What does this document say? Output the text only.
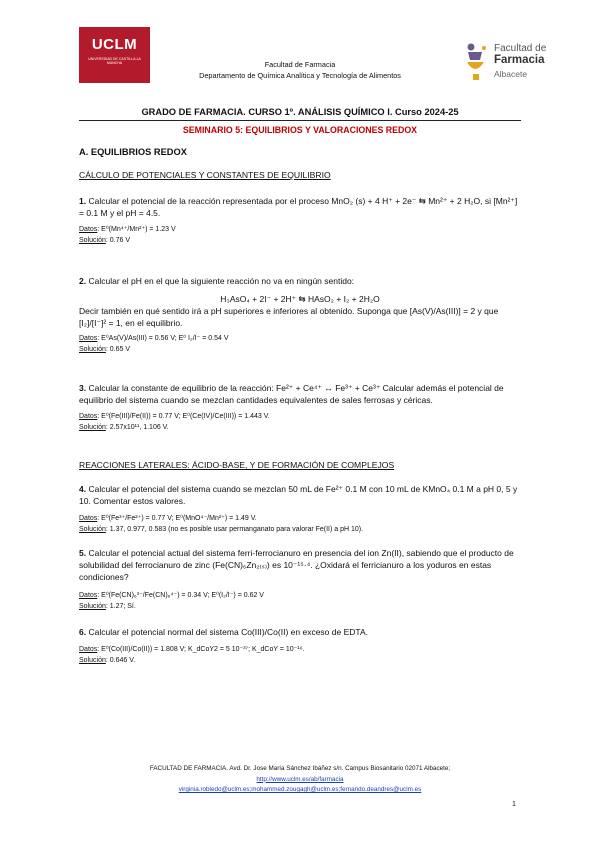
UCLM
UNIVERSIDAD DE CASTILLA-LA MANCHA	Facultad de Farmacia
Departamento de Química Analítica y Tecnología de Alimentos
Facultad de
Farmacia
Albacete
GRADO DE FARMACIA. CURSO 1º. ANÁLISIS QUÍMICO I. Curso 2024-25
SEMINARIO 5: EQUILIBRIOS Y VALORACIONES REDOX
A. EQUILIBRIOS REDOX
CÁLCULO DE POTENCIALES Y CONSTANTES DE EQUILIBRIO
1. Calcular el potencial de la reacción representada por el proceso MnO₂ (s) + 4 H⁺ + 2e⁻ ⇆ Mn²⁺ + 2 H₂O, si [Mn²⁺] = 0.1 M y el pH = 4.5.
Datos: E⁰(Mn⁴⁺/Mn²⁺) = 1.23 V
Solución: 0.76 V
2. Calcular el pH en el que la siguiente reacción no va en ningún sentido:
H₃AsO₄ + 2I⁻ + 2H⁺ ⇆ HAsO₂ + I₂ + 2H₂O
Decir también en qué sentido irá a pH superiores e inferiores al obtenido. Suponga que [As(V)/As(III)] = 2 y que [I₂]/[I⁻]² = 1, en el equilibrio.
Datos: E⁰As(V)/As(III) = 0.56 V; E⁰ I₂/I⁻ = 0.54 V
Solución: 0.65 V
3. Calcular la constante de equilibrio de la reacción: Fe²⁺ + Ce⁴⁺ ↔ Fe³⁺ + Ce³⁺ Calcular además el potencial de equilibrio del sistema cuando se mezclan cantidades equivalentes de sales ferrosas y céricas.
Datos: E⁰(Fe(III)/Fe(II)) = 0.77 V; E⁰(Ce(IV)/Ce(III)) = 1.443 V.
Solución: 2.57x10¹¹, 1.106 V.
REACCIONES LATERALES: ÁCIDO-BASE, Y DE FORMACIÓN DE COMPLEJOS
4. Calcular el potencial del sistema cuando se mezclan 50 mL de Fe²⁺ 0.1 M con 10 mL de KMnO₄ 0.1 M a pH 0, 5 y 10. Comentar estos valores.
Datos: E⁰(Fe³⁺/Fe²⁺) = 0.77 V; E⁰(MnO⁴⁻/Mn²⁺) = 1.49 V.
Solución: 1.37, 0.977, 0.583 (no es posible usar permanganato para valorar Fe(II) a pH 10).
5. Calcular el potencial actual del sistema ferri-ferrocianuro en presencia del ion Zn(II), sabiendo que el producto de solubilidad del ferrocianuro de zinc (Fe(CN)₆Zn₂₍ₛ₎) es 10⁻¹⁵·⁴. ¿Oxidará el ferricianuro a los yoduros en estas condiciones?
Datos: E⁰(Fe(CN)₆³⁻/Fe(CN)₆⁴⁻) = 0.34 V; E⁰(I₂/I⁻) = 0.62 V
Solución: 1.27; Sí.
6. Calcular el potencial normal del sistema Co(III)/Co(II) en exceso de EDTA.
Datos: E⁰(Co(III)/Co(II)) = 1.808 V; K_dCoY2 = 5 10⁻³⁷; K_dCoY = 10⁻¹⁶.
Solución: 0.646 V.
FACULTAD DE FARMACIA. Avd. Dr. Jose María Sánchez Ibáñez s/n. Campus Biosanitario 02071 Albacete;
http://www.uclm.es/ab/farmacia
virginia.robledo@uclm.es;mohammed.zougagh@uclm.es;fernando.deandres@uclm.es
1
